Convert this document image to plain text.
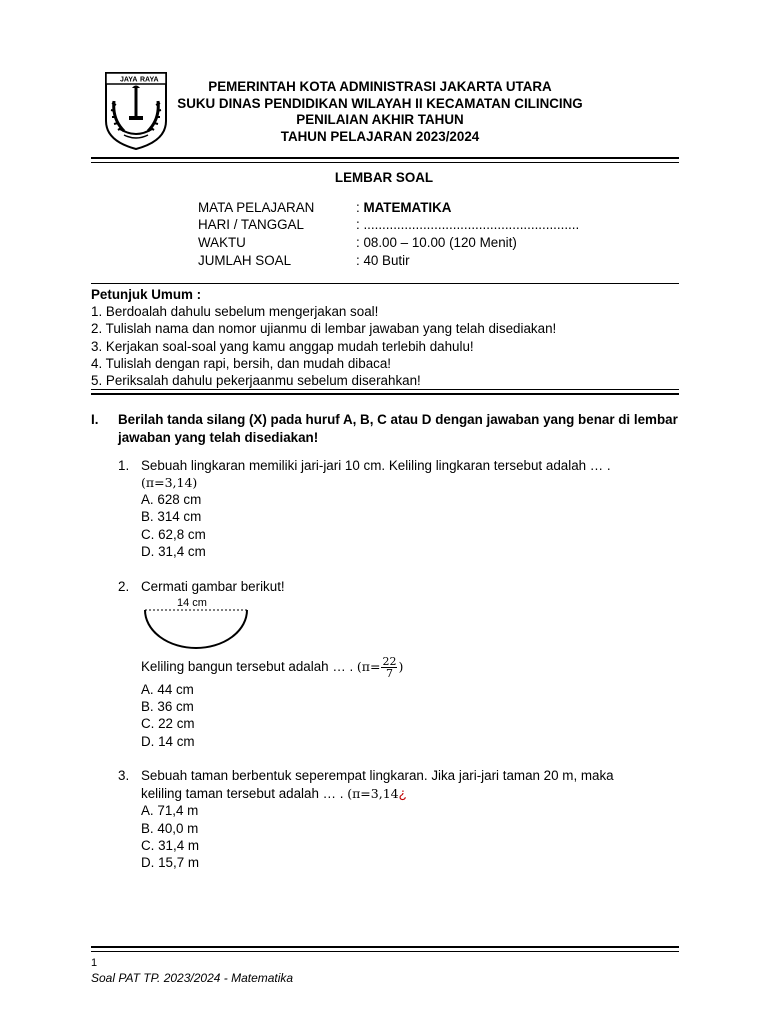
JAYA RAYA	PEMERINTAH KOTA ADMINISTRASI JAKARTA UTARA
SUKU DINAS PENDIDIKAN WILAYAH II KECAMATAN CILINCING
PENILAIAN AKHIR TAHUN
TAHUN PELAJARAN 2023/2024
LEMBAR SOAL
MATA PELAJARAN	: MATEMATIKA
HARI / TANGGAL	: ..........................................................
WAKTU	: 08.00 – 10.00 (120 Menit)
JUMLAH SOAL	: 40 Butir
Petunjuk Umum :
1. Berdoalah dahulu sebelum mengerjakan soal!
2. Tulislah nama dan nomor ujianmu di lembar jawaban yang telah disediakan!
3. Kerjakan soal-soal yang kamu anggap mudah terlebih dahulu!
4. Tulislah dengan rapi, bersih, dan mudah dibaca!
5. Periksalah dahulu pekerjaanmu sebelum diserahkan!
I. Berilah tanda silang (X) pada huruf A, B, C atau D dengan jawaban yang benar di lembar jawaban yang telah disediakan!
1. Sebuah lingkaran memiliki jari-jari 10 cm. Keliling lingkaran tersebut adalah … .
(π=3,14)
A. 628 cm
B. 314 cm
C. 62,8 cm
D. 31,4 cm
2. Cermati gambar berikut!
14 cm
Keliling bangun tersebut adalah … . ($\pi= \frac{22}{7}$ )
A. 44 cm
B. 36 cm
C. 22 cm
D. 14 cm
3. Sebuah taman berbentuk seperempat lingkaran. Jika jari-jari taman 20 m, maka
keliling taman tersebut adalah … . (π=3,14¿
A. 71,4 m
B. 40,0 m
C. 31,4 m
D. 15,7 m
1
Soal PAT TP. 2023/2024 - Matematika
